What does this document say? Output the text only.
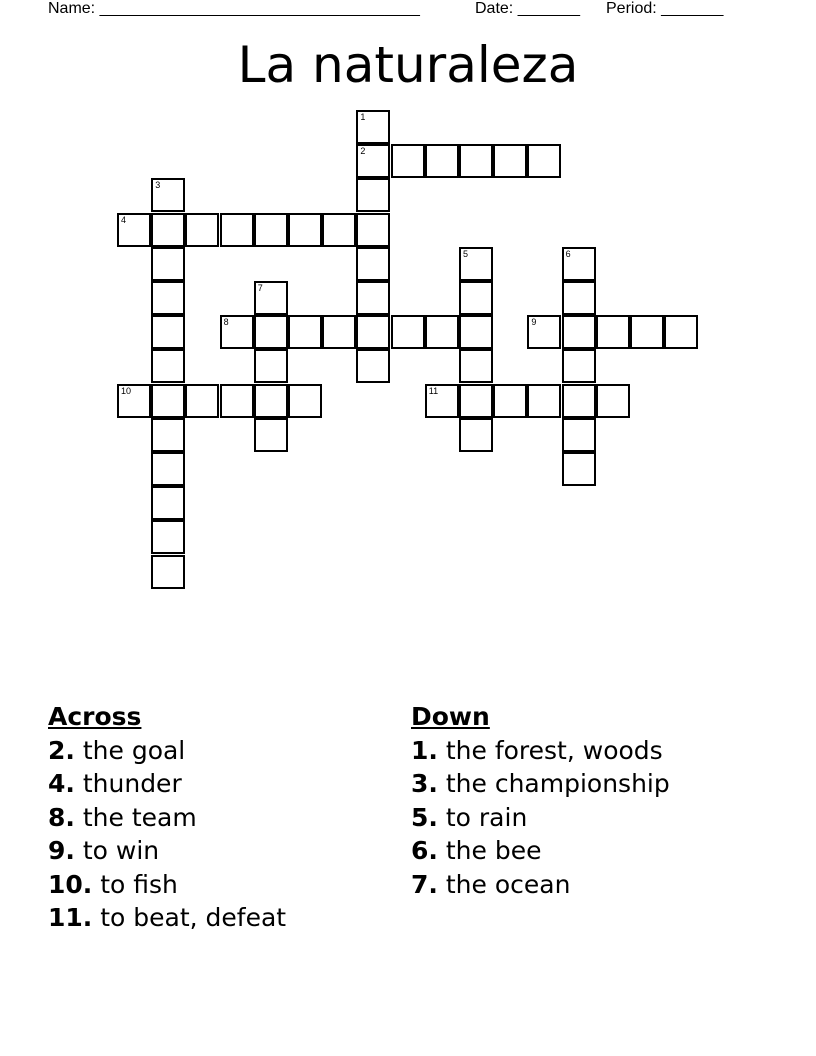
Name: ____________________________________	Date: _______ Period: _______
La naturaleza
1
2
3
4
5	6
7
8	9
10	11
Across
2. the goal
4. thunder
8. the team
9. to win
10. to fish
11. to beat, defeat
Down
1. the forest, woods
3. the championship
5. to rain
6. the bee
7. the ocean
